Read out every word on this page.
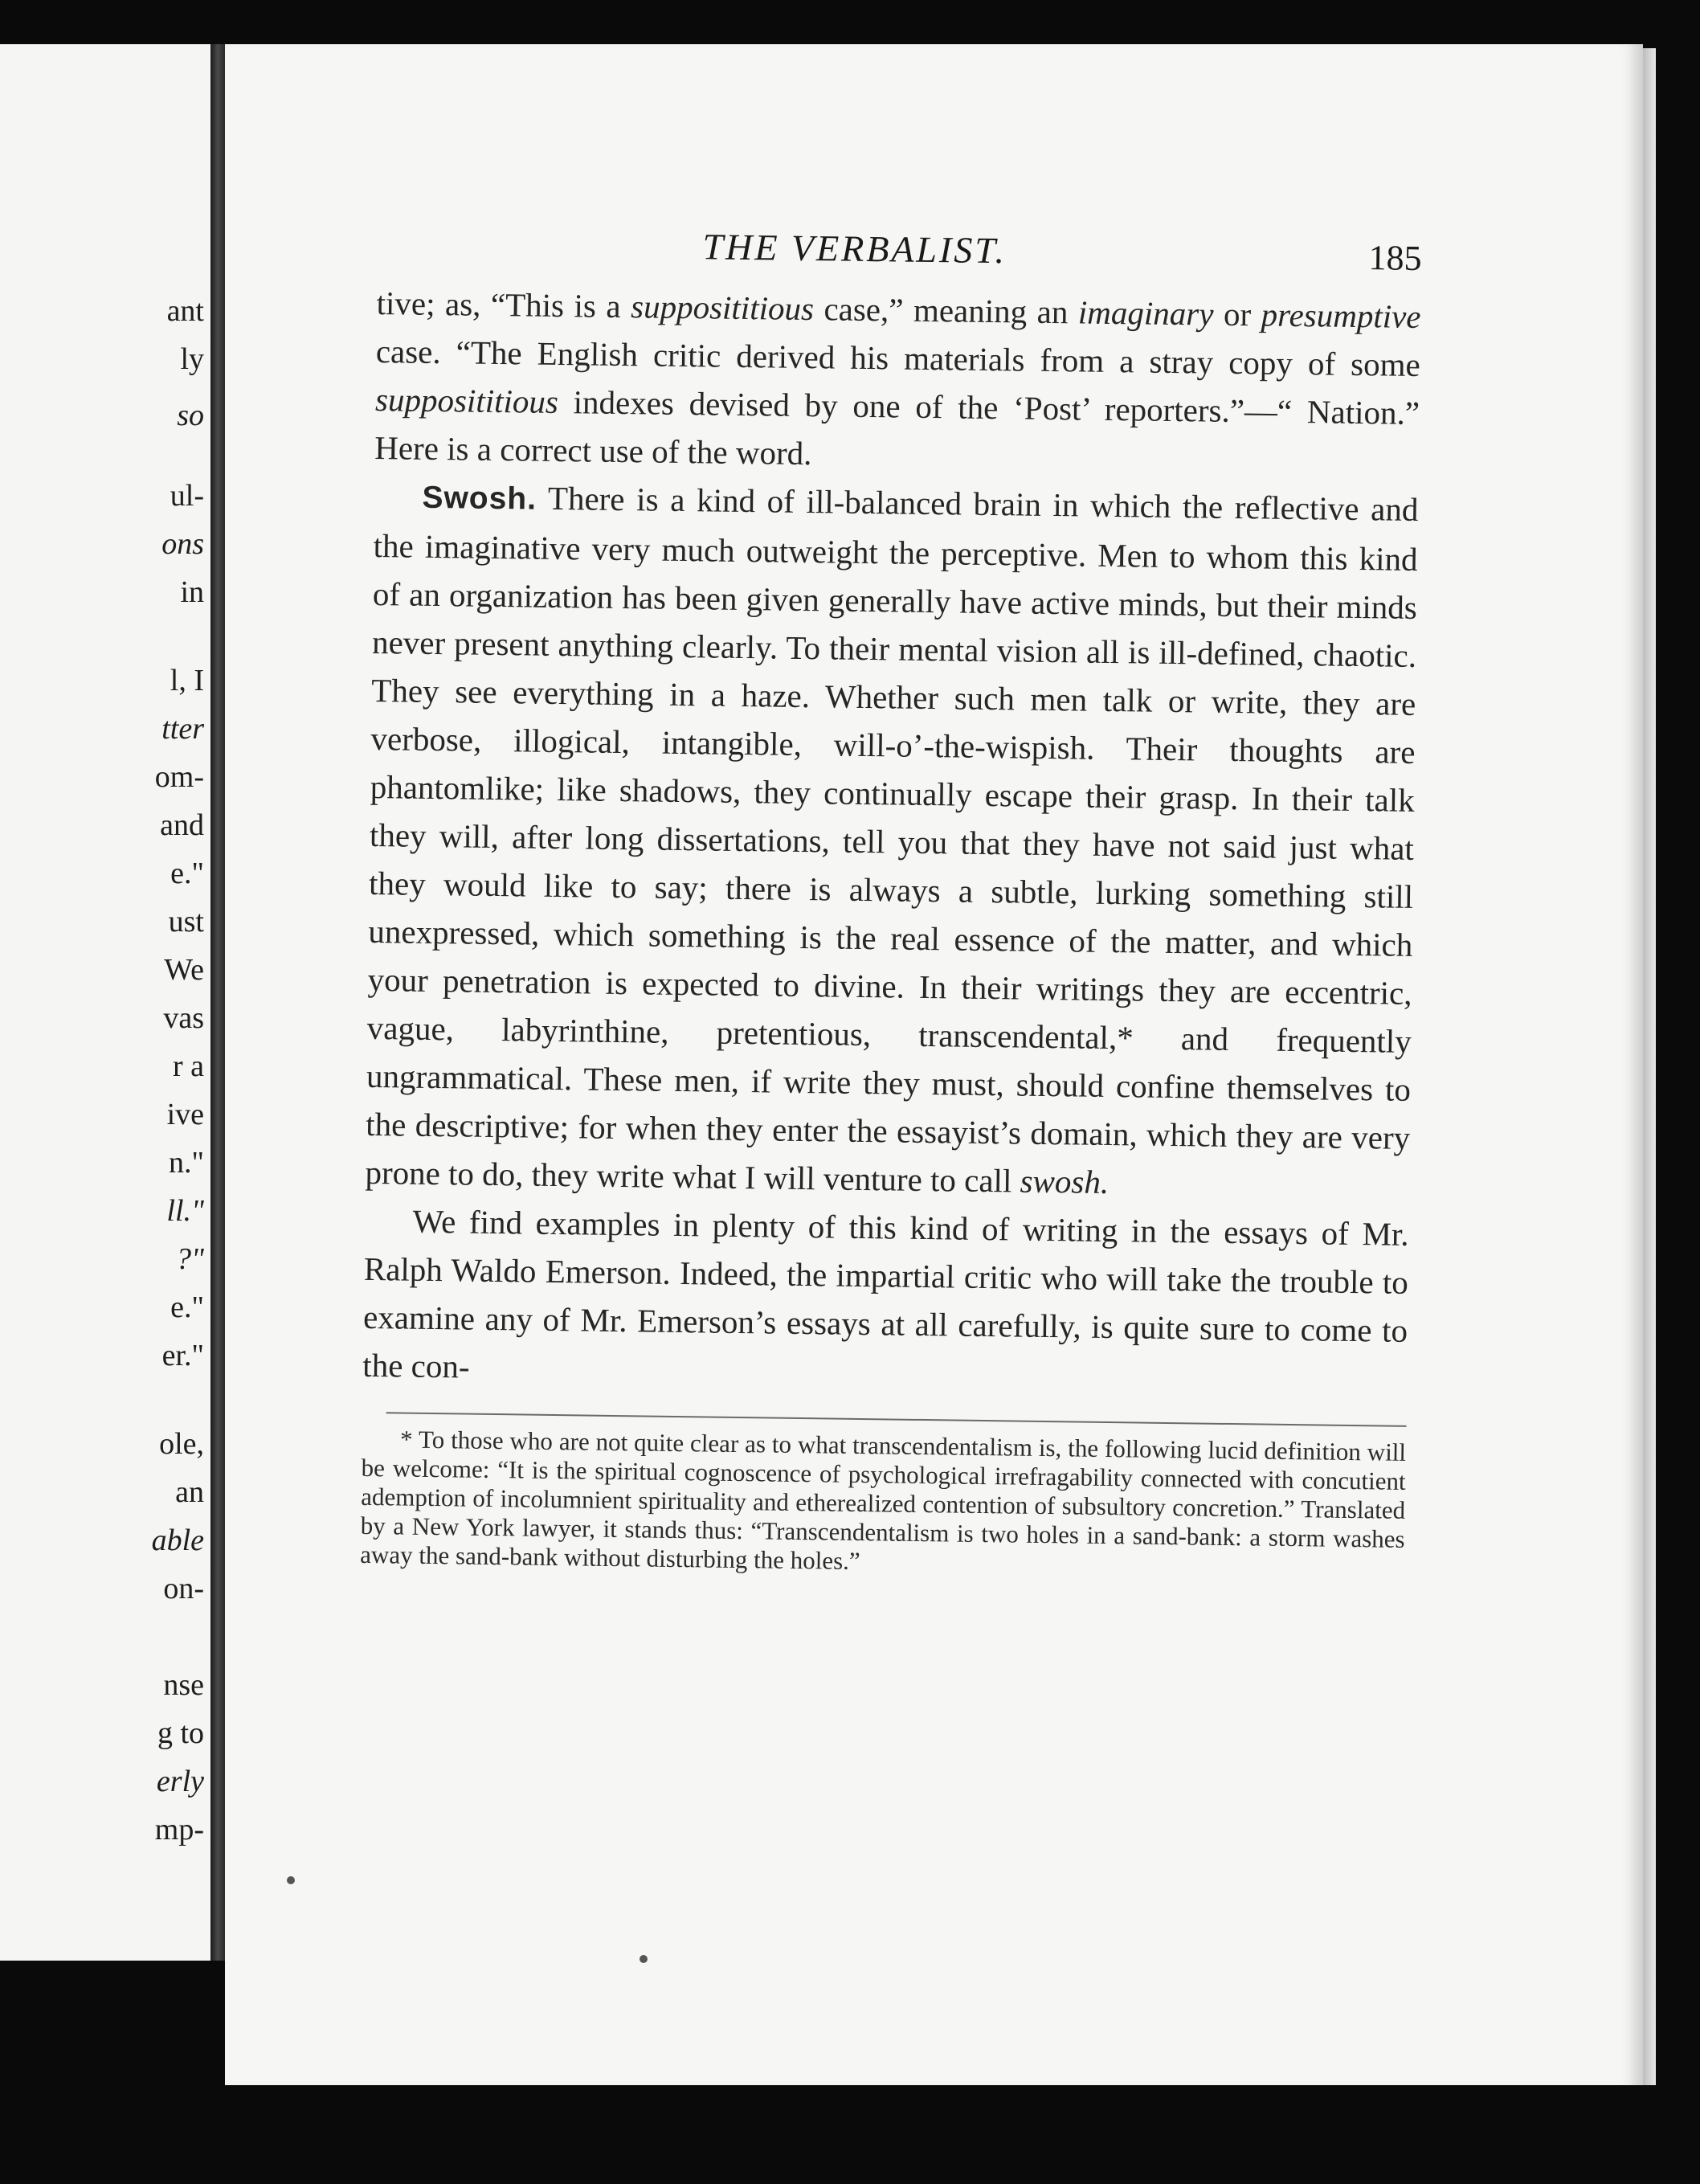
ant
ly
so
ul-
ons
in
l, I
tter
om-
and
e."
ust
We
vas
r a
ive
n."
ll."
?"
e."
er."
ole,
an
able
on-
nse
g to
erly
mp-
THE VERBALIST.	185

tive; as, “This is a supposititious case,” meaning an imaginary or presumptive case. “The English critic derived his materials from a stray copy of some supposititious indexes devised by one of the ‘Post’ reporters.”—“ Nation.” Here is a correct use of the word.

Swosh. There is a kind of ill-balanced brain in which the reflective and the imaginative very much outweight the perceptive. Men to whom this kind of an organization has been given generally have active minds, but their minds never present anything clearly. To their mental vision all is ill-defined, chaotic. They see everything in a haze. Whether such men talk or write, they are verbose, illogical, intangible, will-o’-the-wispish. Their thoughts are phantomlike; like shadows, they continually escape their grasp. In their talk they will, after long dissertations, tell you that they have not said just what they would like to say; there is always a subtle, lurking something still unexpressed, which something is the real essence of the matter, and which your penetration is expected to divine. In their writings they are eccentric, vague, labyrinthine, pretentious, transcendental,* and frequently ungrammatical. These men, if write they must, should confine themselves to the descriptive; for when they enter the essayist’s domain, which they are very prone to do, they write what I will venture to call swosh.

We find examples in plenty of this kind of writing in the essays of Mr. Ralph Waldo Emerson. Indeed, the impartial critic who will take the trouble to examine any of Mr. Emerson’s essays at all carefully, is quite sure to come to the con-

* To those who are not quite clear as to what transcendentalism is, the following lucid definition will be welcome: “It is the spiritual cognoscence of psychological irrefragability connected with concutient ademption of incolumnient spirituality and etherealized contention of subsultory concretion.” Translated by a New York lawyer, it stands thus: “Transcendentalism is two holes in a sand-bank: a storm washes away the sand-bank without disturbing the holes.”
